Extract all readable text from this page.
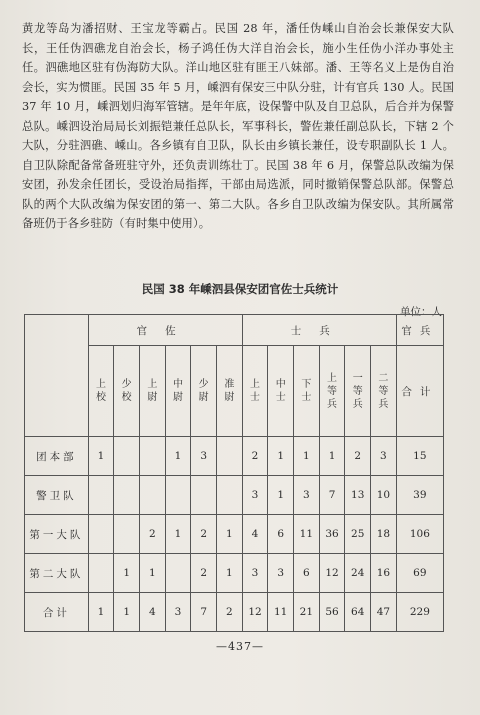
黄龙等岛为潘招财、王宝龙等霸占。民国 28 年，潘任伪嵊山自治会长兼保安大队长，王任伪泗礁龙自治会长，杨子鸿任伪大洋自治会长，施小生任伪小洋办事处主任。泗礁地区驻有伪海防大队。洋山地区驻有匪王八妹部。潘、王等名义上是伪自治会长，实为惯匪。民国 35 年 5 月，嵊泗有保安三中队分驻，计有官兵 130 人。民国 37 年 10 月，嵊泗划归海军管辖。是年年底，设保警中队及自卫总队，后合并为保警总队。嵊泗设治局局长刘振铠兼任总队长，军事科长，警佐兼任副总队长，下辖 2 个大队，分驻泗礁、嵊山。各乡镇有自卫队，队长由乡镇长兼任，设专职副队长 1 人。自卫队除配备常备班驻守外，还负责训练壮丁。民国 38 年 6 月，保警总队改编为保安团，孙发余任团长，受设治局指挥，干部由局选派，同时撤销保警总队部。保警总队的两个大队改编为保安团的第一、第二大队。各乡自卫队改编为保安队。其所属常备班仍于各乡驻防（有时集中使用）。

民国 38 年嵊泗县保安团官佐士兵统计
单位：人
	官佐						士兵						官兵
	上校	少校	上尉	中尉	少尉	准尉	上士	中士	下士	上等兵	一等兵	二等兵	合计
团本部	1			1	3		2	1	1	1	2	3	15
警卫队							3	1	3	7	13	10	39
第一大队			2	1	2	1	4	6	11	36	25	18	106
第二大队		1	1		2	1	3	3	6	12	24	16	69
合计	1	1	4	3	7	2	12	11	21	56	64	47	229
—437—
